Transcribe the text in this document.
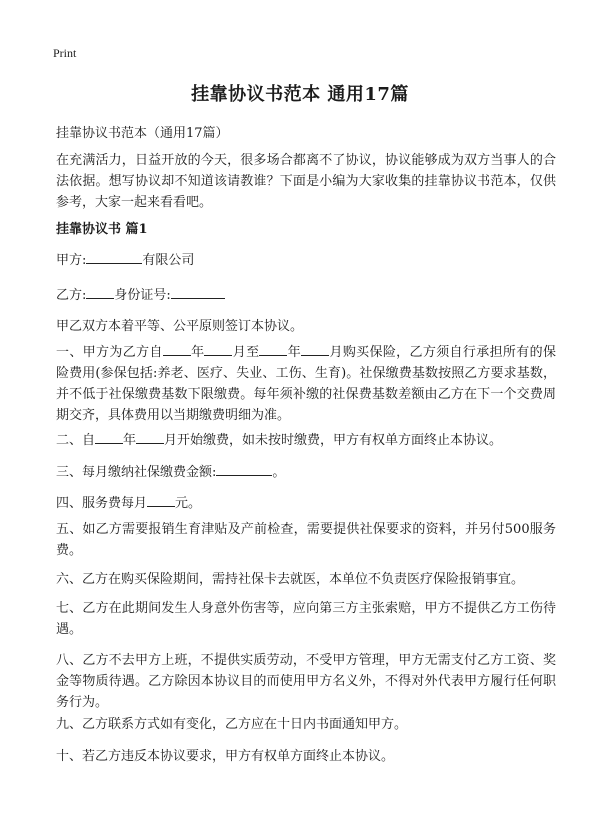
Print
挂靠协议书范本 通用17篇
挂靠协议书范本（通用17篇）
在充满活力，日益开放的今天，很多场合都离不了协议，协议能够成为双方当事人的合法依据。想写协议却不知道该请教谁？下面是小编为大家收集的挂靠协议书范本，仅供参考，大家一起来看看吧。
挂靠协议书 篇1
甲方:	有限公司
乙方: 身份证号:
甲乙双方本着平等、公平原则签订本协议。
一、甲方为乙方自 年 月至 年 月购买保险，乙方须自行承担所有的保险费用(参保包括:养老、医疗、失业、工伤、生育)。社保缴费基数按照乙方要求基数，并不低于社保缴费基数下限缴费。每年须补缴的社保费基数差额由乙方在下一个交费周期交齐，具体费用以当期缴费明细为准。
二、自 年 月开始缴费，如未按时缴费，甲方有权单方面终止本协议。
三、每月缴纳社保缴费金额:	。
四、服务费每月 元。
五、如乙方需要报销生育津贴及产前检查，需要提供社保要求的资料，并另付500服务费。
六、乙方在购买保险期间，需持社保卡去就医，本单位不负责医疗保险报销事宜。
七、乙方在此期间发生人身意外伤害等，应向第三方主张索赔，甲方不提供乙方工伤待遇。
八、乙方不去甲方上班，不提供实质劳动，不受甲方管理，甲方无需支付乙方工资、奖金等物质待遇。乙方除因本协议目的而使用甲方名义外，不得对外代表甲方履行任何职务行为。
九、乙方联系方式如有变化，乙方应在十日内书面通知甲方。
十、若乙方违反本协议要求，甲方有权单方面终止本协议。
